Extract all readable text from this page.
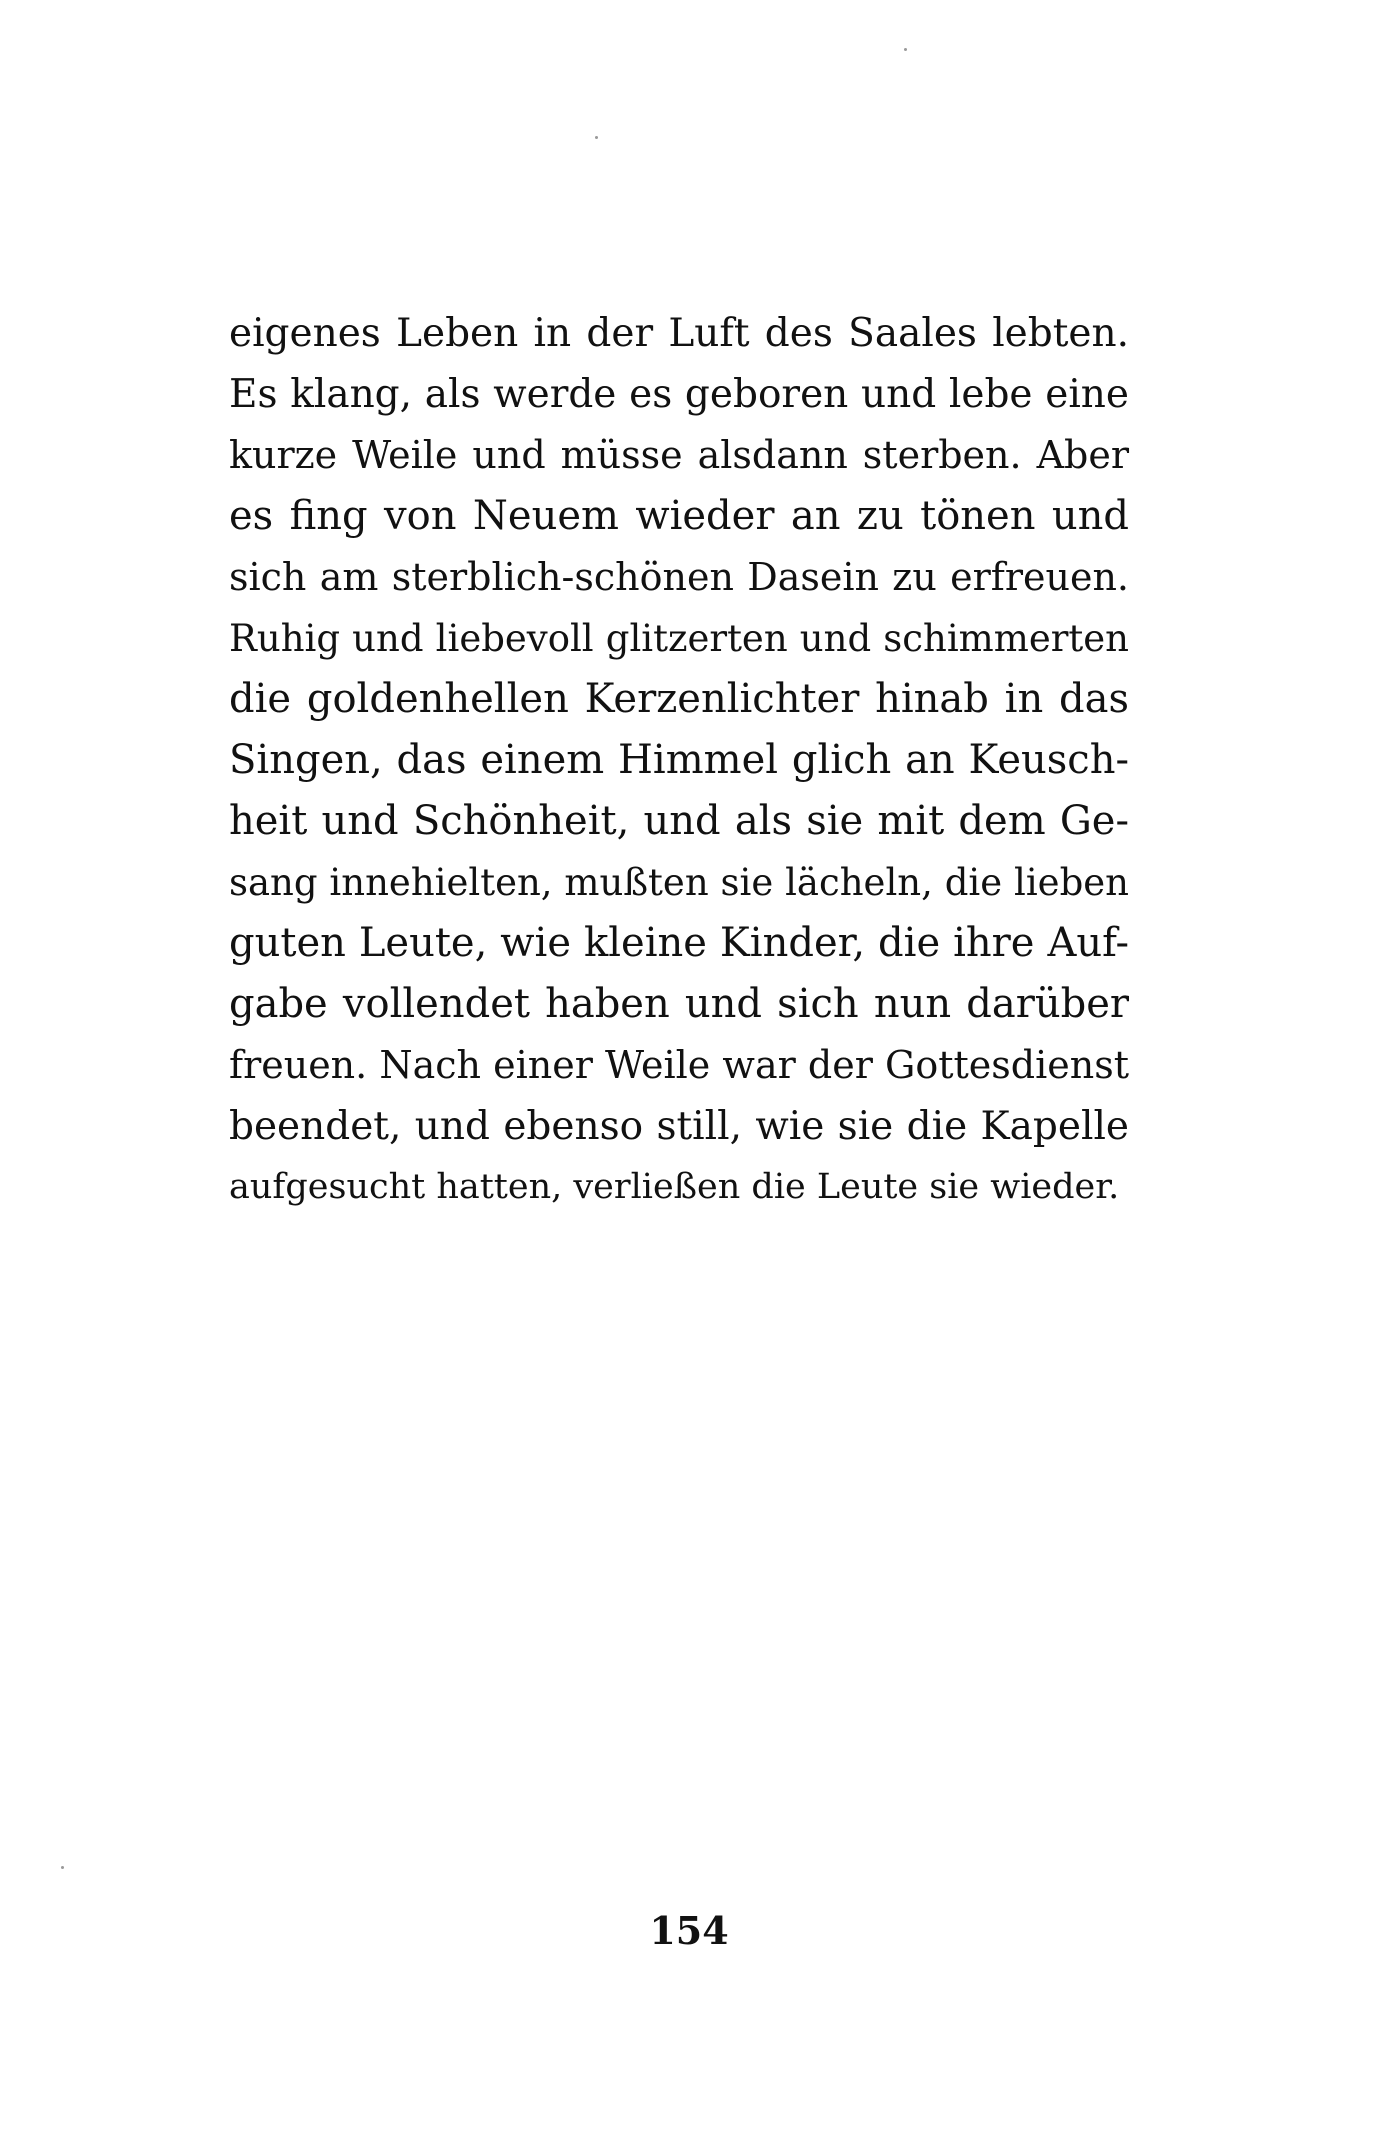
eigenes Leben in der Luft des Saales lebten.
Es klang, als werde es geboren und lebe eine
kurze Weile und müsse alsdann sterben. Aber
es fing von Neuem wieder an zu tönen und
sich am sterblich-schönen Dasein zu erfreuen.
Ruhig und liebevoll glitzerten und schimmerten
die goldenhellen Kerzenlichter hinab in das
Singen, das einem Himmel glich an Keusch-
heit und Schönheit, und als sie mit dem Ge-
sang innehielten, mußten sie lächeln, die lieben
guten Leute, wie kleine Kinder, die ihre Auf-
gabe vollendet haben und sich nun darüber
freuen. Nach einer Weile war der Gottesdienst
beendet, und ebenso still, wie sie die Kapelle
aufgesucht hatten, verließen die Leute sie wieder.
154
